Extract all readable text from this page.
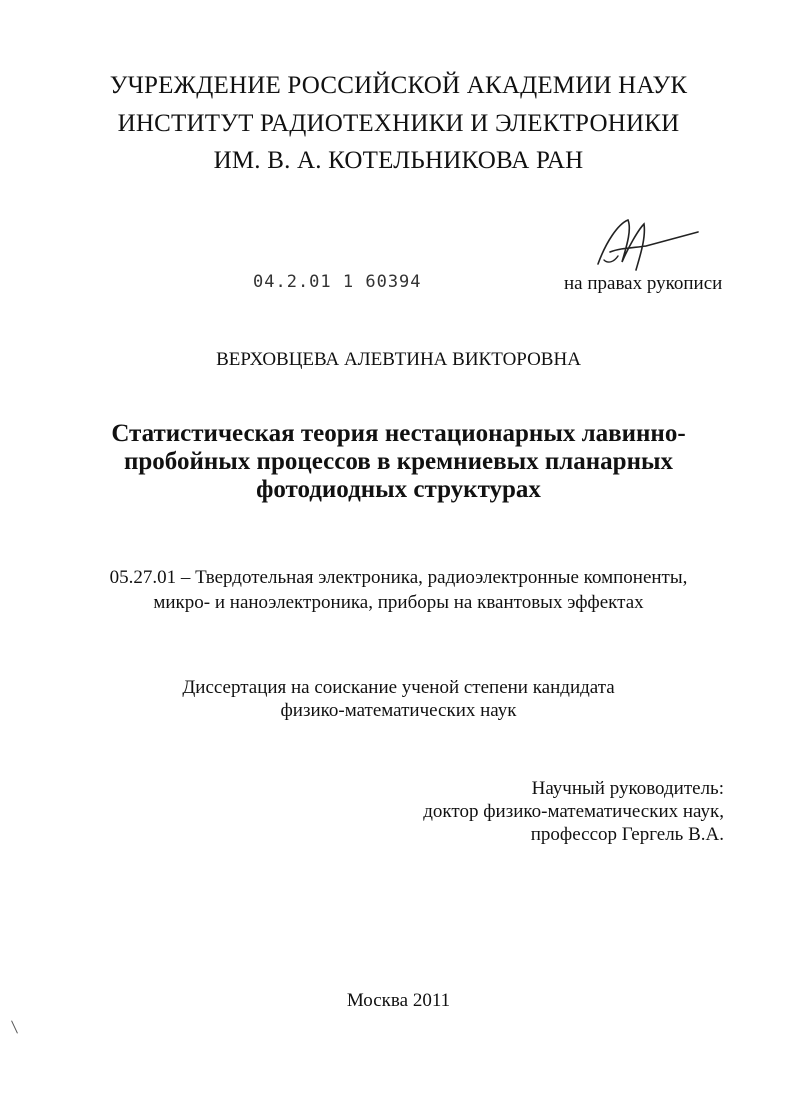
УЧРЕЖДЕНИЕ РОССИЙСКОЙ АКАДЕМИИ НАУК
ИНСТИТУТ РАДИОТЕХНИКИ И ЭЛЕКТРОНИКИ
ИМ. В. А. КОТЕЛЬНИКОВА РАН
04.2.01 1 60394	на правах рукописи
ВЕРХОВЦЕВА АЛЕВТИНА ВИКТОРОВНА
Статистическая теория нестационарных лавинно-
пробойных процессов в кремниевых планарных
фотодиодных структурах
05.27.01 – Твердотельная электроника, радиоэлектронные компоненты,
микро- и наноэлектроника, приборы на квантовых эффектах
Диссертация на соискание ученой степени кандидата
физико-математических наук
Научный руководитель:
доктор физико-математических наук,
профессор Гергель В.А.
Москва 2011
